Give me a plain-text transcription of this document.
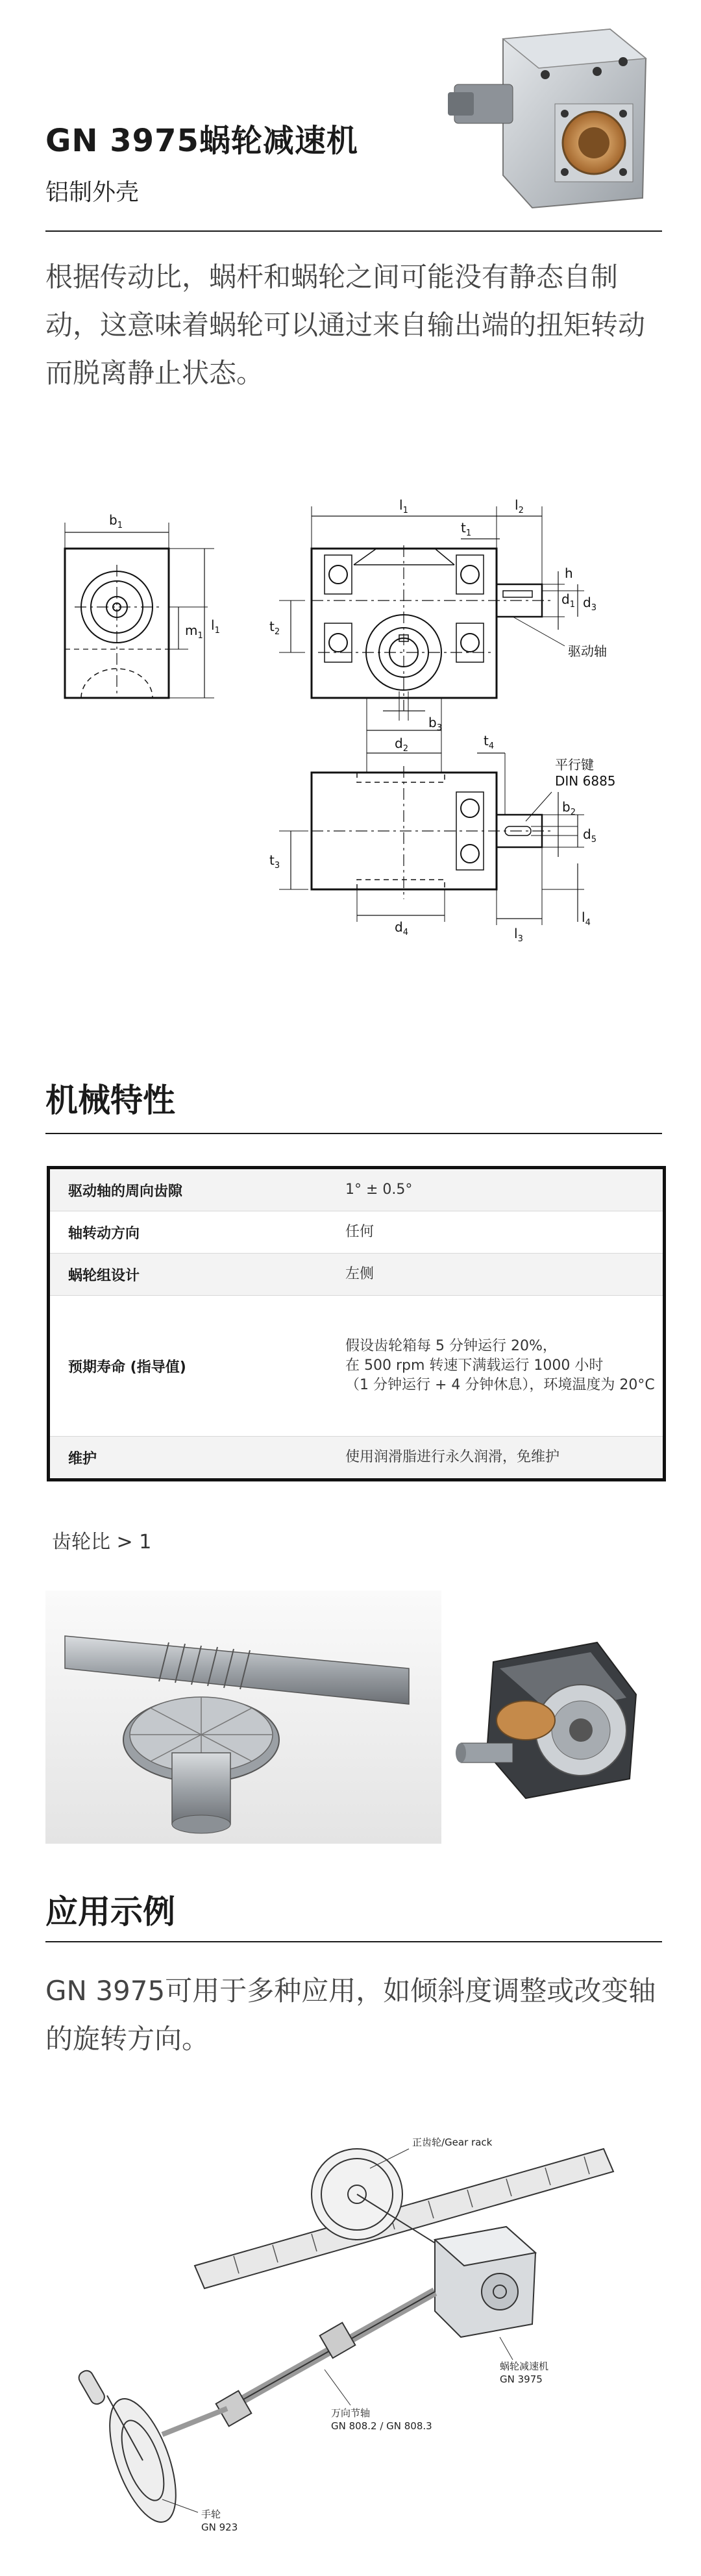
GN 3975蜗轮减速机
铝制外壳
根据传动比，蜗杆和蜗轮之间可能没有静态自制动，这意味着蜗轮可以通过来自输出端的扭矩转动而脱离静止状态。
$b_1$
$m_1$
$l_1$
$l_1$
$t_1$
$l_2$
h
$d_1$ $d_3$
$t_2$
$d_2$
$b_3$
驱动轴
$t_4$
平行键
DIN 6885
$b_2$
$d_5$
$t_3$
$d_4$	$l_3$
$l_4$
机械特性
驱动轴的周向齿隙	1° ± 0.5°
轴转动方向	任何
蜗轮组设计	左侧
预期寿命 (指导值)
假设齿轮箱每 5 分钟运行 20%，
在 500 rpm 转速下满载运行 1000 小时
（1 分钟运行 + 4 分钟休息），环境温度为 20°C
维护	使用润滑脂进行永久润滑，免维护
齿轮比 > 1
应用示例
GN 3975可用于多种应用，如倾斜度调整或改变轴的旋转方向。
正齿轮/Gear rack
蜗轮减速机
GN 3975
万向节轴
GN 808.2 / GN 808.3
手轮
GN 923
